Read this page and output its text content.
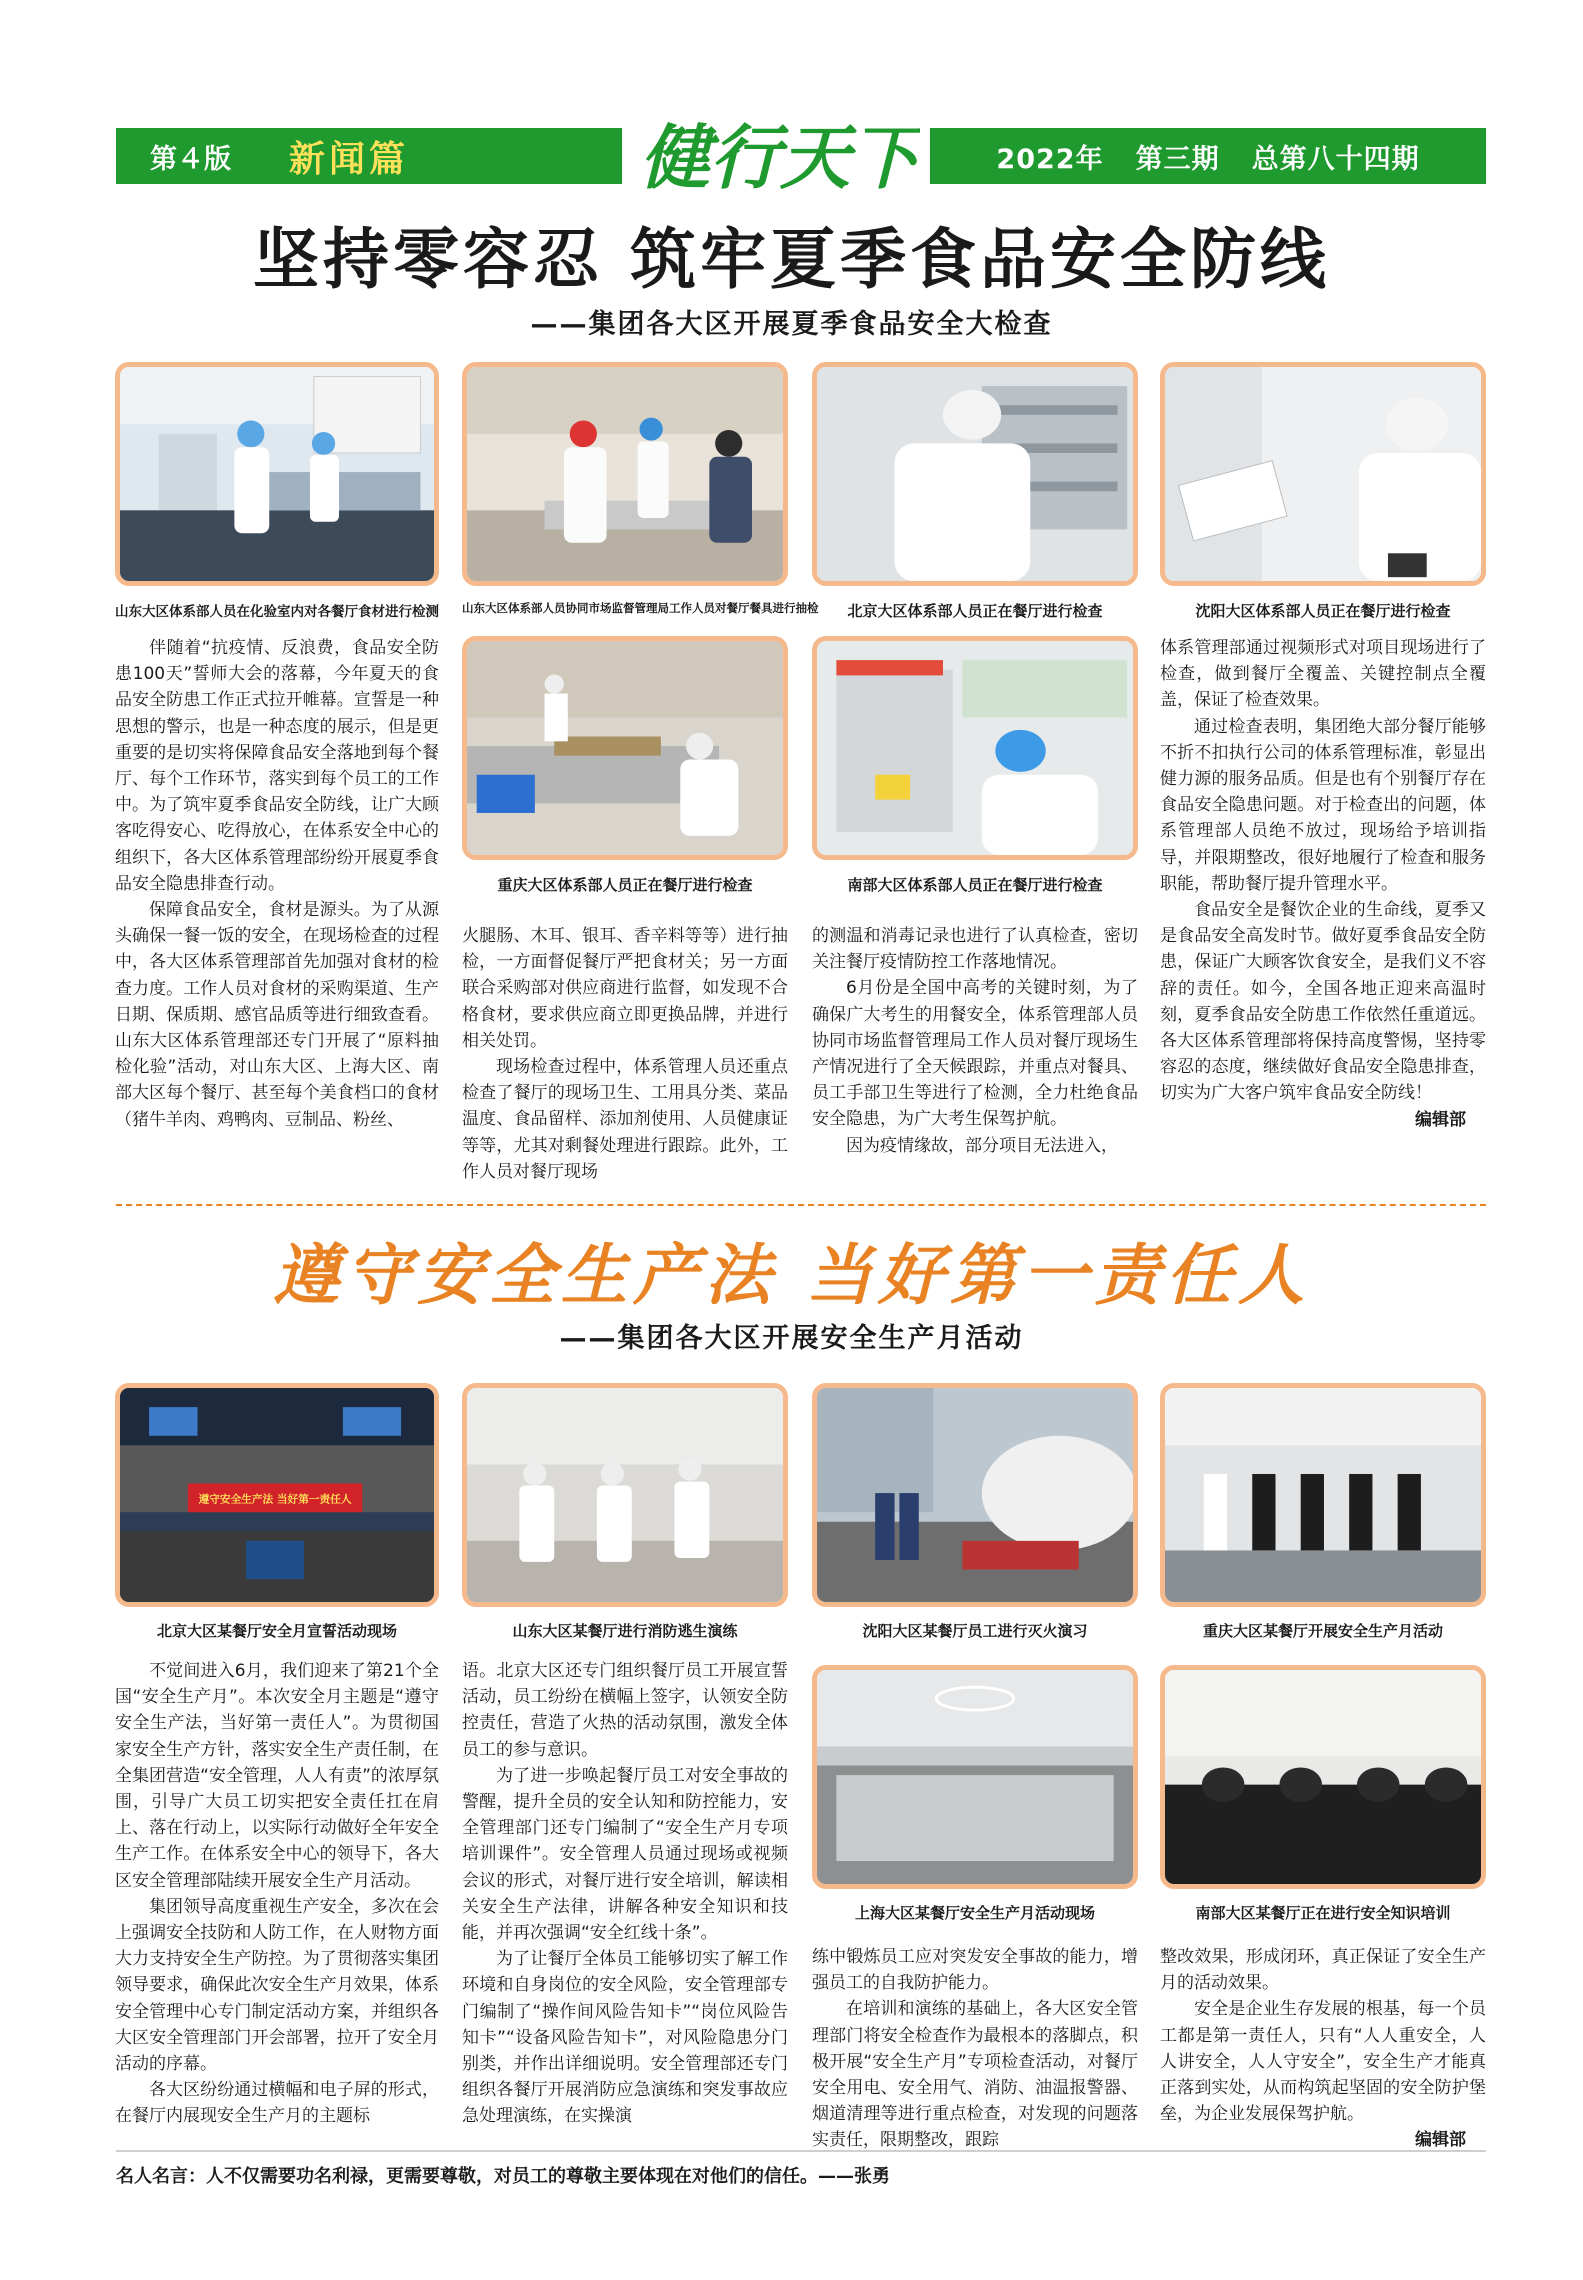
第４版 新闻篇	健行天下	2022年 第三期 总第八十四期
坚持零容忍 筑牢夏季食品安全防线
——集团各大区开展夏季食品安全大检查
山东大区体系部人员在化验室内对各餐厅食材进行检测 山东大区体系部人员协同市场监督管理局工作人员对餐厅餐具进行抽检	北京大区体系部人员正在餐厅进行检查	沈阳大区体系部人员正在餐厅进行检查
重庆大区体系部人员正在餐厅进行检查	南部大区体系部人员正在餐厅进行检查

伴随着“抗疫情、反浪费，食品安全防患100天”誓师大会的落幕，今年夏天的食品安全防患工作正式拉开帷幕。宣誓是一种思想的警示，也是一种态度的展示，但是更重要的是切实将保障食品安全落地到每个餐厅、每个工作环节，落实到每个员工的工作中。为了筑牢夏季食品安全防线，让广大顾客吃得安心、吃得放心，在体系安全中心的组织下，各大区体系管理部纷纷开展夏季食品安全隐患排查行动。

保障食品安全，食材是源头。为了从源头确保一餐一饭的安全，在现场检查的过程中，各大区体系管理部首先加强对食材的检查力度。工作人员对食材的采购渠道、生产日期、保质期、感官品质等进行细致查看。山东大区体系管理部还专门开展了“原料抽检化验”活动，对山东大区、上海大区、南部大区每个餐厅、甚至每个美食档口的食材（猪牛羊肉、鸡鸭肉、豆制品、粉丝、

火腿肠、木耳、银耳、香辛料等等）进行抽检，一方面督促餐厅严把食材关；另一方面联合采购部对供应商进行监督，如发现不合格食材，要求供应商立即更换品牌，并进行相关处罚。

现场检查过程中，体系管理人员还重点检查了餐厅的现场卫生、工用具分类、菜品温度、食品留样、添加剂使用、人员健康证等等，尤其对剩餐处理进行跟踪。此外，工作人员对餐厅现场

的测温和消毒记录也进行了认真检查，密切关注餐厅疫情防控工作落地情况。

6月份是全国中高考的关键时刻，为了确保广大考生的用餐安全，体系管理部人员协同市场监督管理局工作人员对餐厅现场生产情况进行了全天候跟踪，并重点对餐具、员工手部卫生等进行了检测，全力杜绝食品安全隐患，为广大考生保驾护航。

因为疫情缘故，部分项目无法进入，

体系管理部通过视频形式对项目现场进行了检查，做到餐厅全覆盖、关键控制点全覆盖，保证了检查效果。

通过检查表明，集团绝大部分餐厅能够不折不扣执行公司的体系管理标准，彰显出健力源的服务品质。但是也有个别餐厅存在食品安全隐患问题。对于检查出的问题，体系管理部人员绝不放过，现场给予培训指导，并限期整改，很好地履行了检查和服务职能，帮助餐厅提升管理水平。

食品安全是餐饮企业的生命线，夏季又是食品安全高发时节。做好夏季食品安全防患，保证广大顾客饮食安全，是我们义不容辞的责任。如今，全国各地正迎来高温时刻，夏季食品安全防患工作依然任重道远。各大区体系管理部将保持高度警惕，坚持零容忍的态度，继续做好食品安全隐患排查，切实为广大客户筑牢食品安全防线！

编辑部
遵守安全生产法 当好第一责任人
——集团各大区开展安全生产月活动
遵守安全生产法 当好第一责任人
北京大区某餐厅安全月宣誓活动现场	山东大区某餐厅进行消防逃生演练	沈阳大区某餐厅员工进行灭火演习	重庆大区某餐厅开展安全生产月活动
上海大区某餐厅安全生产月活动现场	南部大区某餐厅正在进行安全知识培训

不觉间进入6月，我们迎来了第21个全国“安全生产月”。本次安全月主题是“遵守安全生产法，当好第一责任人”。为贯彻国家安全生产方针，落实安全生产责任制，在全集团营造“安全管理，人人有责”的浓厚氛围，引导广大员工切实把安全责任扛在肩上、落在行动上，以实际行动做好全年安全生产工作。在体系安全中心的领导下，各大区安全管理部陆续开展安全生产月活动。

集团领导高度重视生产安全，多次在会上强调安全技防和人防工作，在人财物方面大力支持安全生产防控。为了贯彻落实集团领导要求，确保此次安全生产月效果，体系安全管理中心专门制定活动方案，并组织各大区安全管理部门开会部署，拉开了安全月活动的序幕。

各大区纷纷通过横幅和电子屏的形式，在餐厅内展现安全生产月的主题标

语。北京大区还专门组织餐厅员工开展宣誓活动，员工纷纷在横幅上签字，认领安全防控责任，营造了火热的活动氛围，激发全体员工的参与意识。

为了进一步唤起餐厅员工对安全事故的警醒，提升全员的安全认知和防控能力，安全管理部门还专门编制了“安全生产月专项培训课件”。安全管理人员通过现场或视频会议的形式，对餐厅进行安全培训，解读相关安全生产法律，讲解各种安全知识和技能，并再次强调“安全红线十条”。

为了让餐厅全体员工能够切实了解工作环境和自身岗位的安全风险，安全管理部专门编制了“操作间风险告知卡”“岗位风险告知卡”“设备风险告知卡”，对风险隐患分门别类，并作出详细说明。安全管理部还专门组织各餐厅开展消防应急演练和突发事故应急处理演练，在实操演

练中锻炼员工应对突发安全事故的能力，增强员工的自我防护能力。

在培训和演练的基础上，各大区安全管理部门将安全检查作为最根本的落脚点，积极开展“安全生产月”专项检查活动，对餐厅安全用电、安全用气、消防、油温报警器、烟道清理等进行重点检查，对发现的问题落实责任，限期整改，跟踪

整改效果，形成闭环，真正保证了安全生产月的活动效果。

安全是企业生存发展的根基，每一个员工都是第一责任人，只有“人人重安全，人人讲安全，人人守安全”，安全生产才能真正落到实处，从而构筑起坚固的安全防护堡垒，为企业发展保驾护航。

编辑部
名人名言：人不仅需要功名利禄，更需要尊敬，对员工的尊敬主要体现在对他们的信任。——张勇
